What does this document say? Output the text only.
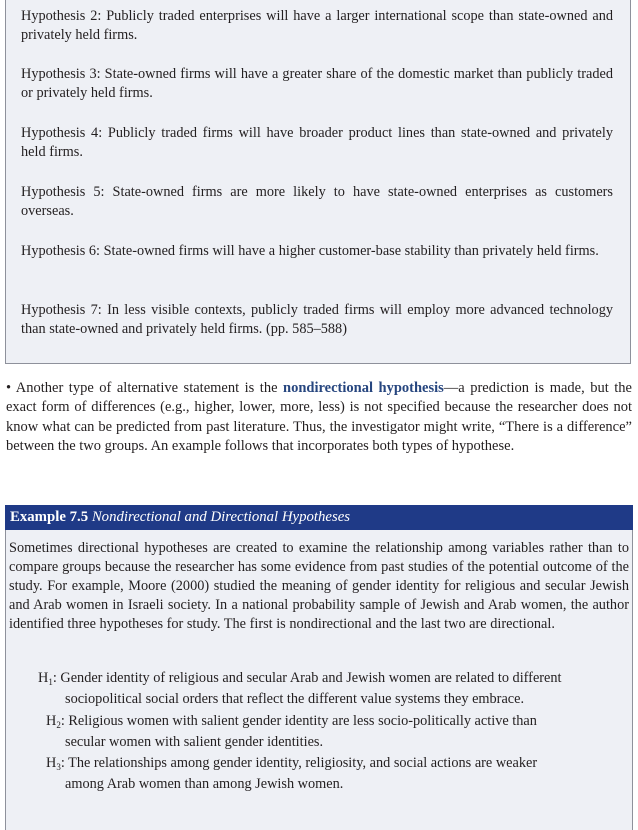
Hypothesis 2: Publicly traded enterprises will have a larger international scope than state-owned and privately held firms.

Hypothesis 3: State-owned firms will have a greater share of the domestic market than publicly traded or privately held firms.

Hypothesis 4: Publicly traded firms will have broader product lines than state-owned and privately held firms.

Hypothesis 5: State-owned firms are more likely to have state-owned enterprises as customers overseas.

Hypothesis 6: State-owned firms will have a higher customer-base stability than privately held firms.

Hypothesis 7: In less visible contexts, publicly traded firms will employ more advanced technology than state-owned and privately held firms. (pp. 585–588)

• Another type of alternative statement is the nondirectional hypothesis—a prediction is made, but the exact form of differences (e.g., higher, lower, more, less) is not specified because the researcher does not know what can be predicted from past literature. Thus, the investigator might write, “There is a difference” between the two groups. An example follows that incorporates both types of hypothese.

Example 7.5 Nondirectional and Directional Hypotheses

Sometimes directional hypotheses are created to examine the relationship among variables rather than to compare groups because the researcher has some evidence from past studies of the potential outcome of the study. For example, Moore (2000) studied the meaning of gender identity for religious and secular Jewish and Arab women in Israeli society. In a national probability sample of Jewish and Arab women, the author identified three hypotheses for study. The first is nondirectional and the last two are directional.

$H_1$: Gender identity of religious and secular Arab and Jewish women are related to different

sociopolitical social orders that reflect the different value systems they embrace.

$H_2$: Religious women with salient gender identity are less socio-politically active than

secular women with salient gender identities.

$H_3$: The relationships among gender identity, religiosity, and social actions are weaker

among Arab women than among Jewish women.
